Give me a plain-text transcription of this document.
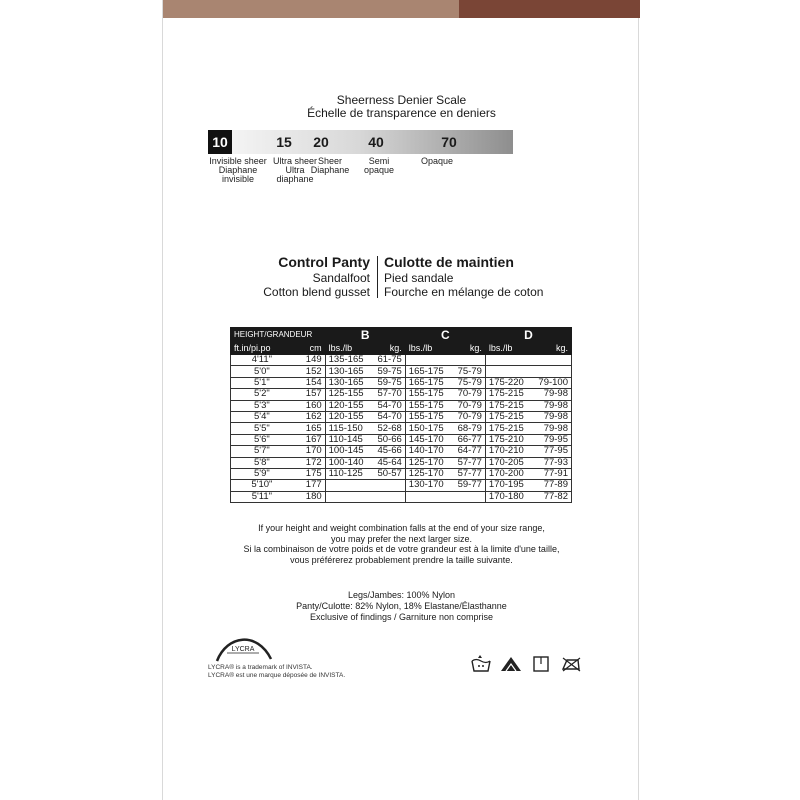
Sheerness Denier Scale
Échelle de transparence en deniers
10	15	20	40	70
Invisible sheer
Diaphane
invisible
Ultra sheer
Ultra
diaphane
Sheer
Diaphane
Semi
opaque
Opaque
Control Panty
Sandalfoot
Cotton blend gusset
Culotte de maintien
Pied sandale
Fourche en mélange de coton
HEIGHT/GRANDEUR		B		C		D	
ft.in/pi.po	cm	lbs./lb	kg.	lbs./lb	kg.	lbs./lb	kg.
4'11"	149	135-165	61-75				
5'0"	152	130-165	59-75	165-175	75-79		
5'1"	154	130-165	59-75	165-175	75-79	175-220	79-100
5'2"	157	125-155	57-70	155-175	70-79	175-215	79-98
5'3"	160	120-155	54-70	155-175	70-79	175-215	79-98
5'4"	162	120-155	54-70	155-175	70-79	175-215	79-98
5'5"	165	115-150	52-68	150-175	68-79	175-215	79-98
5'6"	167	110-145	50-66	145-170	66-77	175-210	79-95
5'7"	170	100-145	45-66	140-170	64-77	170-210	77-95
5'8"	172	100-140	45-64	125-170	57-77	170-205	77-93
5'9"	175	110-125	50-57	125-170	57-77	170-200	77-91
5'10"	177			130-170	59-77	170-195	77-89
5'11"	180					170-180	77-82
If your height and weight combination falls at the end of your size range,
you may prefer the next larger size.
Si la combinaison de votre poids et de votre grandeur est à la limite d'une taille,
vous préférerez probablement prendre la taille suivante.
Legs/Jambes: 100% Nylon
Panty/Culotte: 82% Nylon, 18% Elastane/Élasthanne
Exclusive of findings / Garniture non comprise
LYCRA
LYCRA® is a trademark of INVISTA.
LYCRA® est une marque déposée de INVISTA.
